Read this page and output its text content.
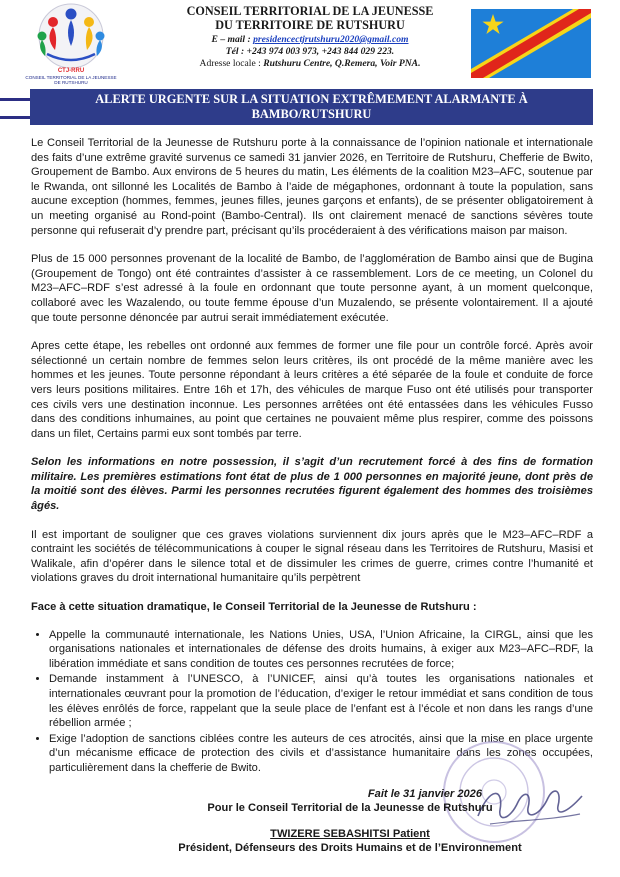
CTJ-RRU
CONSEIL TERRITORIAL DE LA JEUNESSE DE RUTSHURU
CONSEIL TERRITORIAL DE LA JEUNESSE
DU TERRITOIRE DE RUTSHURU
E – mail : presidencectjrutshuru2020@gmail.com
Tél : +243 974 003 973, +243 844 029 223.
Adresse locale : Rutshuru Centre, Q.Remera, Voir PNA.
ALERTE URGENTE SUR LA SITUATION EXTRÊMEMENT ALARMANTE À
BAMBO/RUTSHURU

Le Conseil Territorial de la Jeunesse de Rutshuru porte à la connaissance de l’opinion nationale et internationale des faits d’une extrême gravité survenus ce samedi 31 janvier 2026, en Territoire de Rutshuru, Chefferie de Bwito, Groupement de Bambo. Aux environs de 5 heures du matin, Les éléments de la coalition M23–AFC, soutenue par le Rwanda, ont sillonné les Localités de Bambo à l’aide de mégaphones, ordonnant à toute la population, sans aucune exception (hommes, femmes, jeunes filles, jeunes garçons et enfants), de se présenter obligatoirement à un meeting organisé au Rond-point (Bambo-Central). Ils ont clairement menacé de sanctions sévères toute personne qui refuserait d’y prendre part, précisant qu’ils procéderaient à des vérifications maison par maison.

Plus de 15 000 personnes provenant de la localité de Bambo, de l’agglomération de Bambo ainsi que de Bugina (Groupement de Tongo) ont été contraintes d’assister à ce rassemblement. Lors de ce meeting, un Colonel du M23–AFC–RDF s’est adressé à la foule en ordonnant que toute personne ayant, à un moment quelconque, collaboré avec les Wazalendo, ou toute femme épouse d’un Muzalendo, se présente volontairement. Il a ajouté que toute personne dénoncée par autrui serait immédiatement exécutée.

Apres cette étape, les rebelles ont ordonné aux femmes de former une file pour un contrôle forcé. Après avoir sélectionné un certain nombre de femmes selon leurs critères, ils ont procédé de la même manière avec les hommes et les jeunes. Toute personne répondant à leurs critères a été séparée de la foule et conduite de force vers leurs positions militaires. Entre 16h et 17h, des véhicules de marque Fuso ont été utilisés pour transporter ces civils vers une destination inconnue. Les personnes arrêtées ont été entassées dans les véhicules Fusso dans des conditions inhumaines, au point que certaines ne pouvaient même plus respirer, comme des poissons dans un filet, Certains parmi eux sont tombés par terre.

Selon les informations en notre possession, il s’agit d’un recrutement forcé à des fins de formation militaire. Les premières estimations font état de plus de 1 000 personnes en majorité jeune, dont près de la moitié sont des élèves. Parmi les personnes recrutées figurent également des hommes des troisièmes âgés.

Il est important de souligner que ces graves violations surviennent dix jours après que le M23–AFC–RDF a contraint les sociétés de télécommunications à couper le signal réseau dans les Territoires de Rutshuru, Masisi et Walikale, afin d’opérer dans le silence total et de dissimuler les crimes de guerre, crimes contre l’humanité et violations graves du droit international humanitaire qu’ils perpètrent

Face à cette situation dramatique, le Conseil Territorial de la Jeunesse de Rutshuru :
• Appelle la communauté internationale, les Nations Unies, USA, l’Union Africaine, la CIRGL, ainsi que les organisations nationales et internationales de défense des droits humains, à exiger aux M23–AFC–RDF, la libération immédiate et sans condition de toutes ces personnes recrutées de force;
• Demande instamment à l’UNESCO, à l’UNICEF, ainsi qu’à toutes les organisations nationales et internationales œuvrant pour la promotion de l’éducation, d’exiger le retour immédiat et sans condition de tous les élèves enrôlés de force, rappelant que la seule place de l’enfant est à l’école et non dans les rangs d’une rébellion armée ;
• Exige l’adoption de sanctions ciblées contre les auteurs de ces atrocités, ainsi que la mise en place urgente d’un mécanisme efficace de protection des civils et d’assistance humanitaire dans les zones occupées, particulièrement dans la chefferie de Bwito.
Fait le 31 janvier 2026
Pour le Conseil Territorial de la Jeunesse de Rutshuru
TWIZERE SEBASHITSI Patient
Président, Défenseurs des Droits Humains et de l’Environnement
